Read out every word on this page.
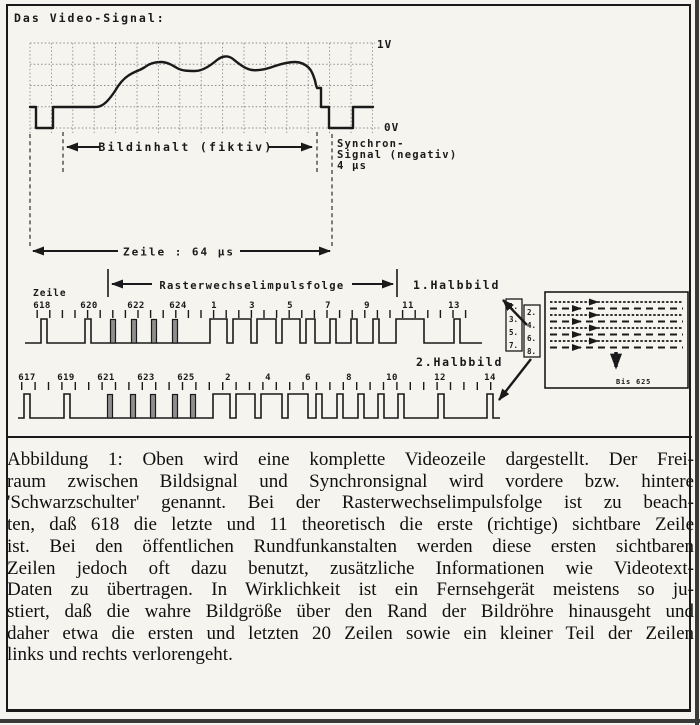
Das Video-Signal:
1V
0V
Bildinhalt (fiktiv)	Synchron-
Signal (negativ)
4 µs
Zeile : 64 µs
Rasterwechselimpulsfolge	1.Halbbild
Zeile
618	620	622	624	1	3	5	7	9	11	13
2.Halbbild
617 619	621	623	625	2	4	6	8	10	12	14
1.
3.
5.
7.
2.
4.
6.
8.
Bis 625
Abbildung 1: Oben wird eine komplette Videozeile dargestellt. Der Frei-
raum zwischen Bildsignal und Synchronsignal wird vordere bzw. hintere
'Schwarzschulter' genannt. Bei der Rasterwechselimpulsfolge ist zu beach-
ten, daß 618 die letzte und 11 theoretisch die erste (richtige) sichtbare Zeile
ist. Bei den öffentlichen Rundfunkanstalten werden diese ersten sichtbaren
Zeilen jedoch oft dazu benutzt, zusätzliche Informationen wie Videotext-
Daten zu übertragen. In Wirklichkeit ist ein Fernsehgerät meistens so ju-
stiert, daß die wahre Bildgröße über den Rand der Bildröhre hinausgeht und
daher etwa die ersten und letzten 20 Zeilen sowie ein kleiner Teil der Zeilen
links und rechts verlorengeht.
